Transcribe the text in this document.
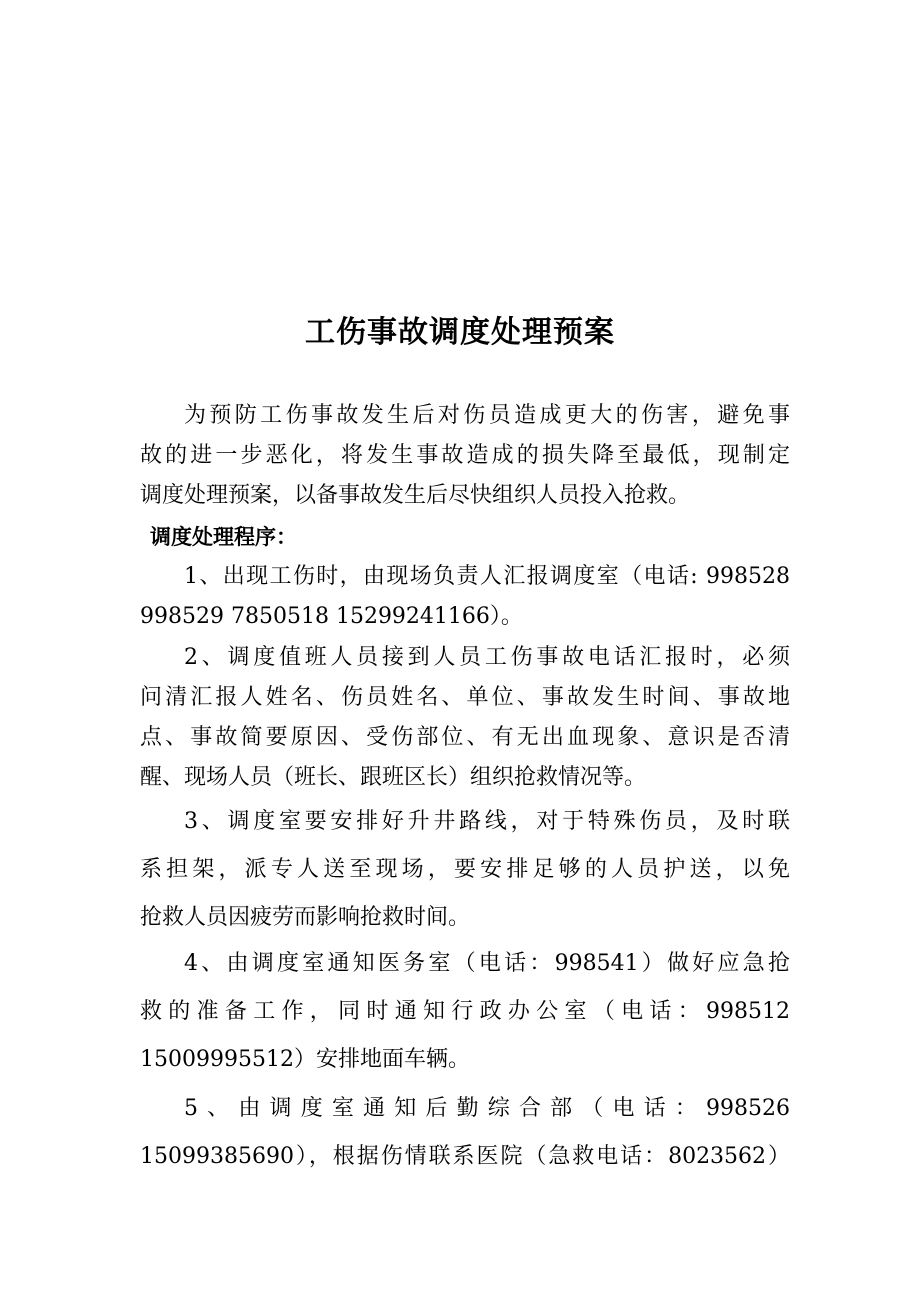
工伤事故调度处理预案
为预防工伤事故发生后对伤员造成更大的伤害，避免事
故的进一步恶化，将发生事故造成的损失降至最低，现制定
调度处理预案，以备事故发生后尽快组织人员投入抢救。
调度处理程序：
1、出现工伤时，由现场负责人汇报调度室（电话: 998528
998529 7850518 15299241166）。
2、调度值班人员接到人员工伤事故电话汇报时，必须
问清汇报人姓名、伤员姓名、单位、事故发生时间、事故地
点、事故简要原因、受伤部位、有无出血现象、意识是否清
醒、现场人员（班长、跟班区长）组织抢救情况等。
3、调度室要安排好升井路线，对于特殊伤员，及时联
系担架，派专人送至现场，要安排足够的人员护送，以免
抢救人员因疲劳而影响抢救时间。
4、由调度室通知医务室（电话：998541）做好应急抢
救的准备工作，同时通知行政办公室（电话：998512
15009995512）安排地面车辆。
5、由调度室通知后勤综合部（电话：998526
15099385690），根据伤情联系医院（急救电话：8023562）
